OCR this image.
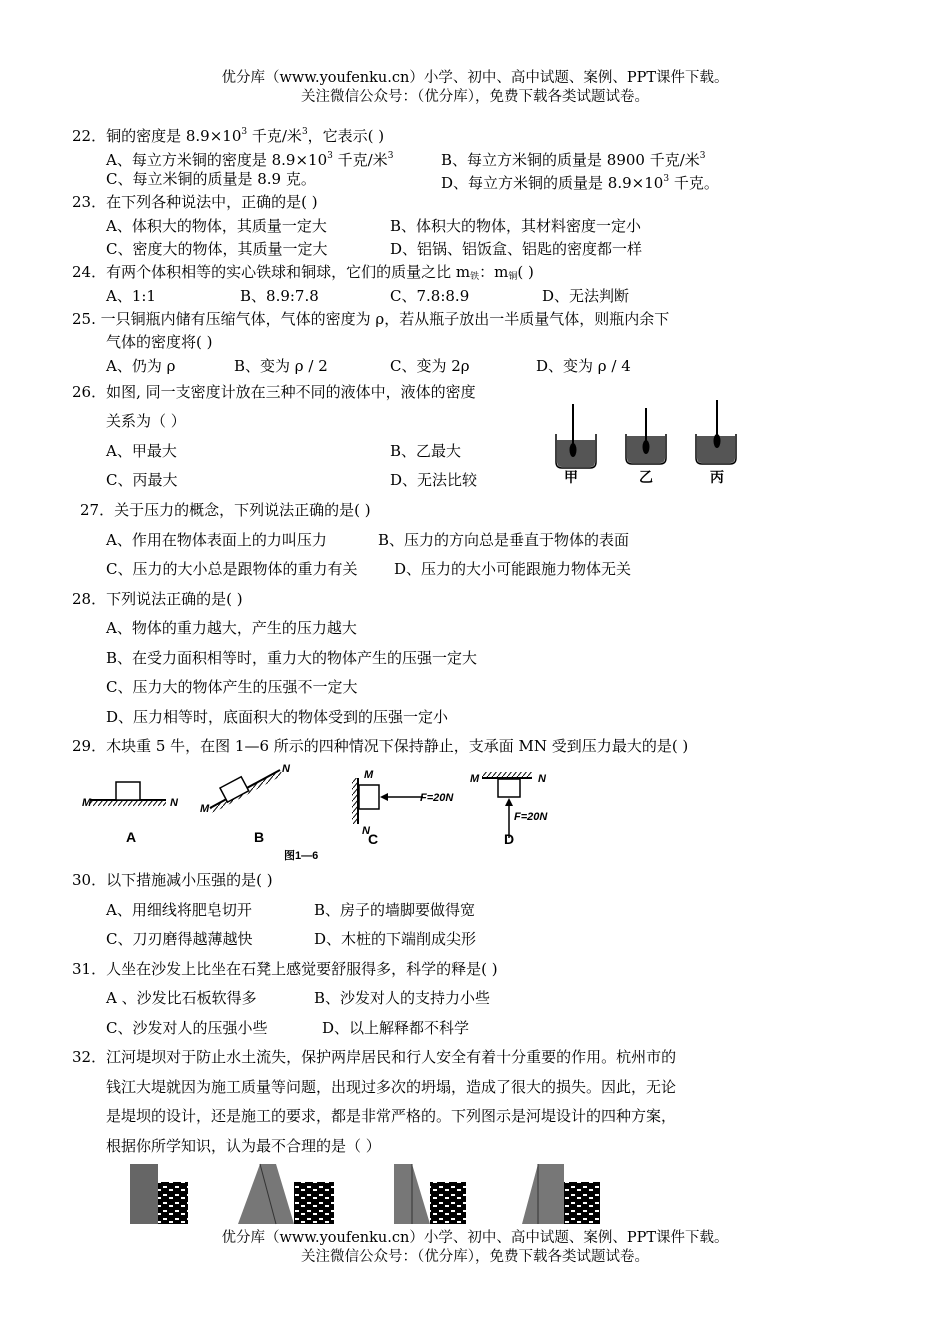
优分库（www.youfenku.cn）小学、初中、高中试题、案例、PPT课件下载。
关注微信公众号：（优分库），免费下载各类试题试卷。
22．铜的密度是 $8.9\times 10^3$ 千克/米$^3$，它表示( )
A、每立方米铜的密度是 $8.9\times 10^3$ 千克/米$^3$	B、每立方米铜的质量是 8900 千克/米$^3$
C、每立米铜的质量是 8.9 克。	D、每立方米铜的质量是 $8.9\times 10^3$ 千克。
23．在下列各种说法中，正确的是( )
A、体积大的物体，其质量一定大	B、体积大的物体，其材料密度一定小
C、密度大的物体，其质量一定大	D、铝锅、铝饭盒、铝匙的密度都一样
24．有两个体积相等的实心铁球和铜球，它们的质量之比 $m_铁$：$m_铜$( )
A、1:1	B、8.9:7.8	C、7.8:8.9	D、无法判断
25. 一只铜瓶内储有压缩气体，气体的密度为 ρ，若从瓶子放出一半质量气体，则瓶内余下
气体的密度将( )
A、仍为 ρ	B、变为 ρ / 2	C、变为 2ρ	D、变为 ρ / 4
26．如图, 同一支密度计放在三种不同的液体中，液体的密度
关系为（ ）
A、甲最大	B、乙最大
C、丙最大	D、无法比较	甲	乙	丙
27．关于压力的概念，下列说法正确的是( )
A、作用在物体表面上的力叫压力	B、压力的方向总是垂直于物体的表面
C、压力的大小总是跟物体的重力有关 D、压力的大小可能跟施力物体无关
28．下列说法正确的是( )
A、物体的重力越大，产生的压力越大
B、在受力面积相等时，重力大的物体产生的压强一定大
C、压力大的物体产生的压强不一定大
D、压力相等时，底面积大的物体受到的压强一定小
29．木块重 5 牛，在图 1—6 所示的四种情况下保持静止，支承面 MN 受到压力最大的是( )
M	N
A
M
N
B
M
N
F=20N
C
M	N
F=20N
D
图1—6
30．以下措施减小压强的是( )
A、用细线将肥皂切开	B、房子的墙脚要做得宽
C、刀刃磨得越薄越快	D、木桩的下端削成尖形
31．人坐在沙发上比坐在石凳上感觉要舒服得多，科学的释是( )
A 、沙发比石板软得多	B、沙发对人的支持力小些
C、沙发对人的压强小些	D、以上解释都不科学
32．江河堤坝对于防止水土流失，保护两岸居民和行人安全有着十分重要的作用。杭州市的
钱江大堤就因为施工质量等问题，出现过多次的坍塌，造成了很大的损失。因此，无论
是堤坝的设计，还是施工的要求，都是非常严格的。下列图示是河堤设计的四种方案，
根据你所学知识，认为最不合理的是（ ）
优分库（www.youfenku.cn）小学、初中、高中试题、案例、PPT课件下载。
关注微信公众号：（优分库），免费下载各类试题试卷。
